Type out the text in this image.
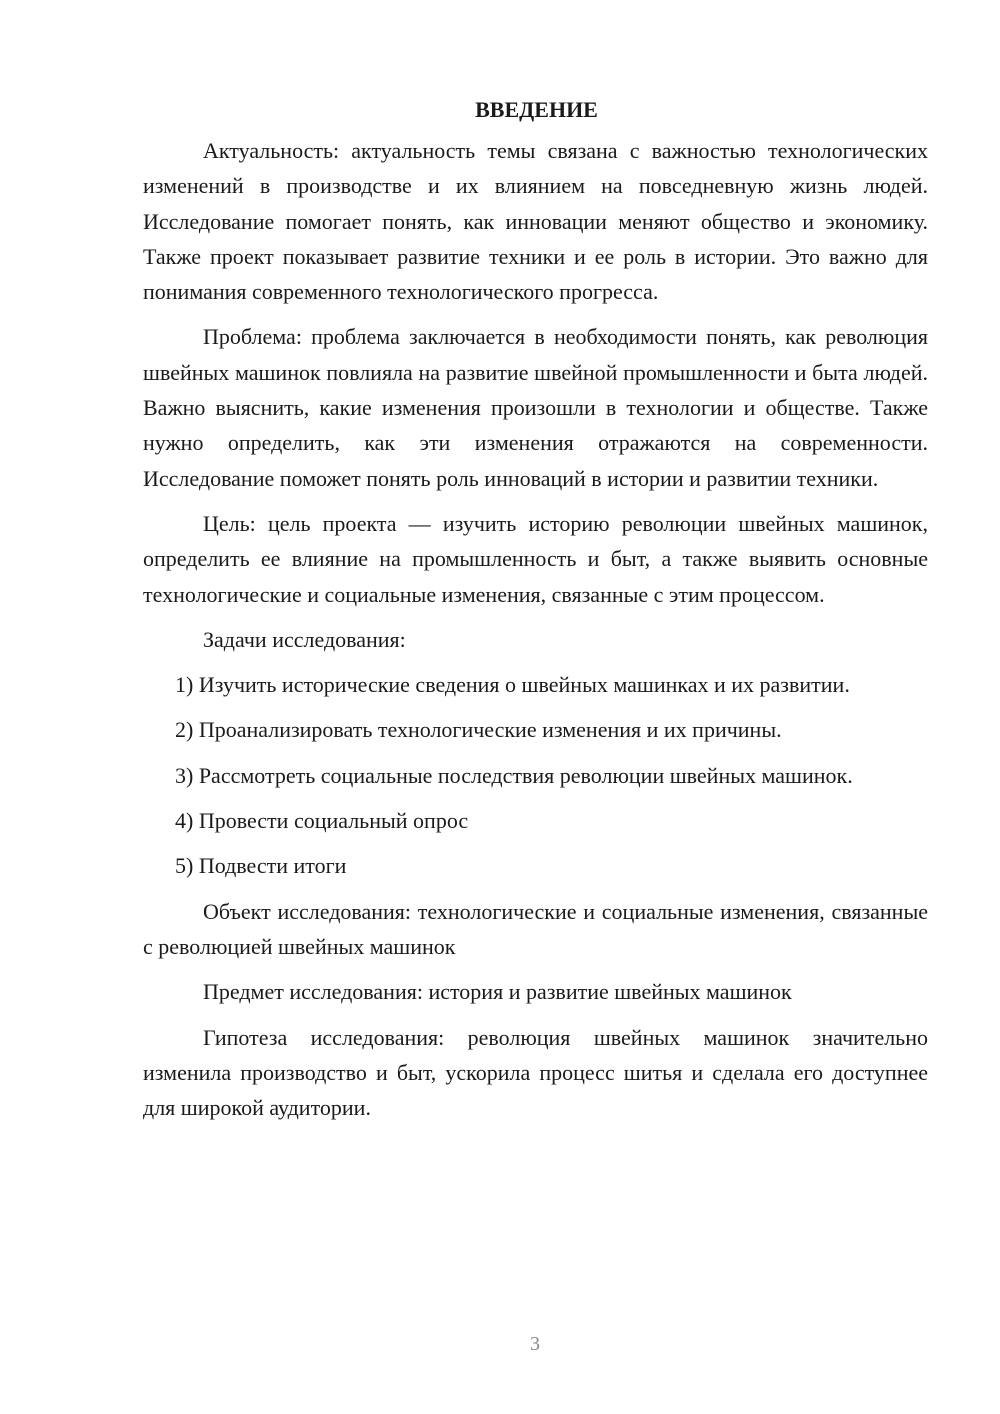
ВВЕДЕНИЕ

Актуальность: актуальность темы связана с важностью технологических изменений в производстве и их влиянием на повседневную жизнь людей. Исследование помогает понять, как инновации меняют общество и экономику. Также проект показывает развитие техники и ее роль в истории. Это важно для понимания современного технологического прогресса.

Проблема: проблема заключается в необходимости понять, как революция швейных машинок повлияла на развитие швейной промышленности и быта людей. Важно выяснить, какие изменения произошли в технологии и обществе. Также нужно определить, как эти изменения отражаются на современности. Исследование поможет понять роль инноваций в истории и развитии техники.

Цель: цель проекта — изучить историю революции швейных машинок, определить ее влияние на промышленность и быт, а также выявить основные технологические и социальные изменения, связанные с этим процессом.

Задачи исследования:

1) Изучить исторические сведения о швейных машинках и их развитии.

2) Проанализировать технологические изменения и их причины.

3) Рассмотреть социальные последствия революции швейных машинок.

4) Провести социальный опрос

5) Подвести итоги

Объект исследования: технологические и социальные изменения, связанные с революцией швейных машинок

Предмет исследования: история и развитие швейных машинок

Гипотеза исследования: революция швейных машинок значительно изменила производство и быт, ускорила процесс шитья и сделала его доступнее для широкой аудитории.

3
